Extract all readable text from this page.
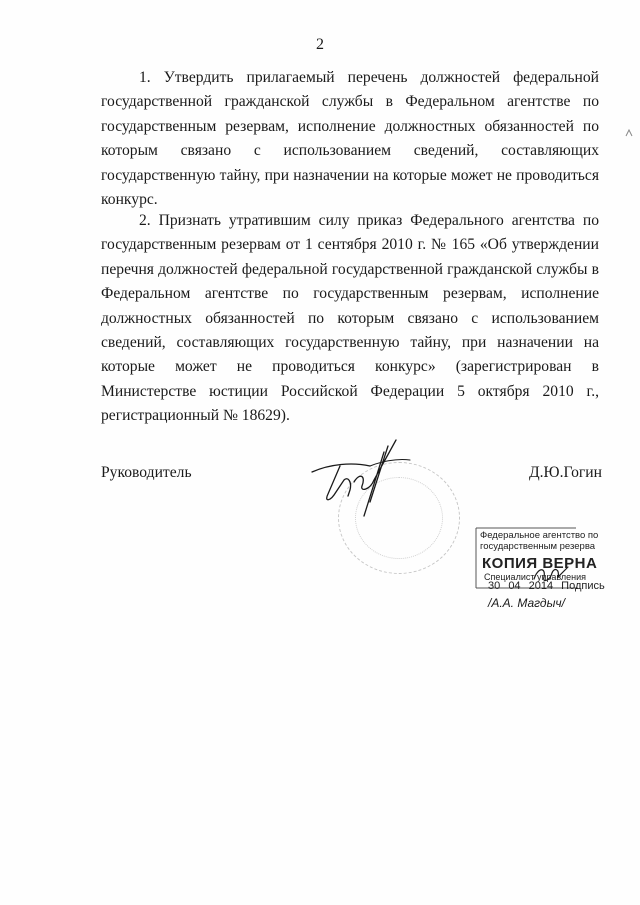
2

1. Утвердить прилагаемый перечень должностей федеральной государственной гражданской службы в Федеральном агентстве по государственным резервам, исполнение должностных обязанностей по которым связано с использованием сведений, составляющих государственную тайну, при назначении на которые может не проводиться конкурс.

2. Признать утратившим силу приказ Федерального агентства по государственным резервам от 1 сентября 2010 г. № 165 «Об утверждении перечня должностей федеральной государственной гражданской службы в Федеральном агентстве по государственным резервам, исполнение должностных обязанностей по которым связано с использованием сведений, составляющих государственную тайну, при назначении на которые может не проводиться конкурс» (зарегистрирован в Министерстве юстиции Российской Федерации 5 октября 2010 г., регистрационный № 18629).

Руководитель	Д.Ю.Гогин
Федеральное агентство по
государственным резерва
КОПИЯ ВЕРНА
Специалист управления
30 04 2014 Подпись
/А.А. Магдыч/
